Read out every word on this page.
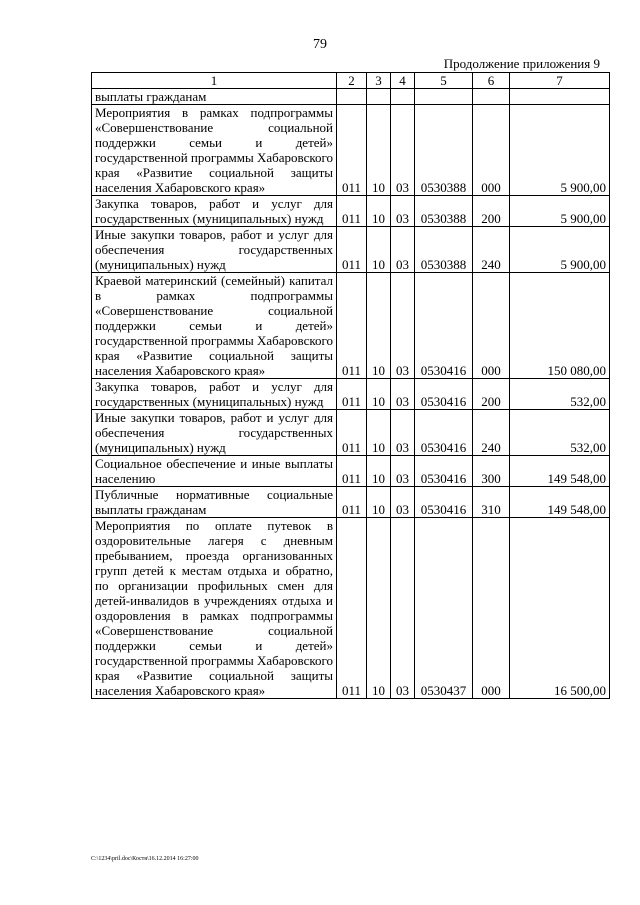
79
Продолжение приложения 9
1	2	3	4	5	6	7
выплаты гражданам						
Мероприятия в рамках подпрограммы «Совершенствование социальной поддержки семьи и детей» государственной программы Хабаровского края «Развитие социальной защиты населения Хабаровского края»	011	10	03	0530388	000	5 900,00
Закупка товаров, работ и услуг для государственных (муниципальных) нужд	011	10	03	0530388	200	5 900,00
Иные закупки товаров, работ и услуг для обеспечения государственных (муниципальных) нужд	011	10	03	0530388	240	5 900,00
Краевой материнский (семейный) капитал в рамках подпрограммы «Совершенствование социальной поддержки семьи и детей» государственной программы Хабаровского края «Развитие социальной защиты населения Хабаровского края»	011	10	03	0530416	000	150 080,00
Закупка товаров, работ и услуг для государственных (муниципальных) нужд	011	10	03	0530416	200	532,00
Иные закупки товаров, работ и услуг для обеспечения государственных (муниципальных) нужд	011	10	03	0530416	240	532,00
Социальное обеспечение и иные выплаты населению	011	10	03	0530416	300	149 548,00
Публичные нормативные социальные выплаты гражданам	011	10	03	0530416	310	149 548,00
Мероприятия по оплате путевок в оздоровительные лагеря с дневным пребыванием, проезда организованных групп детей к местам отдыха и обратно, по организации профильных смен для детей-инвалидов в учреждениях отдыха и оздоровления в рамках подпрограммы «Совершенствование социальной поддержки семьи и детей» государственной программы Хабаровского края «Развитие социальной защиты населения Хабаровского края»	011	10	03	0530437	000	16 500,00
C:\1234\pril.doc\Костя\16.12.2014 16:27:00
